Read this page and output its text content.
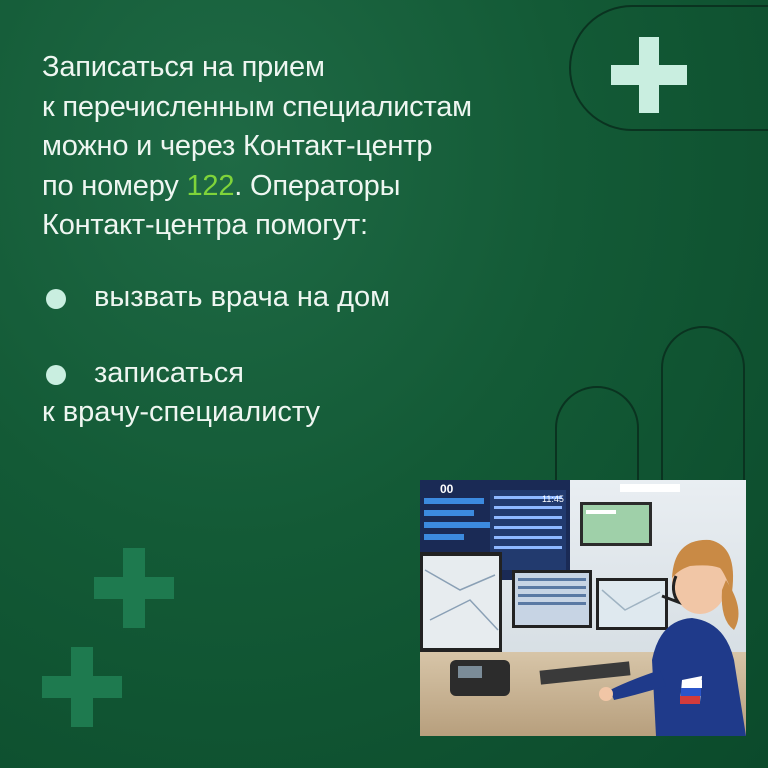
Записаться на прием
к перечисленным специалистам
можно и через Контакт-центр
по номеру 122. Операторы
Контакт-центра помогут:
вызвать врача на дом
записаться
к врачу-специалисту
00
11:45
